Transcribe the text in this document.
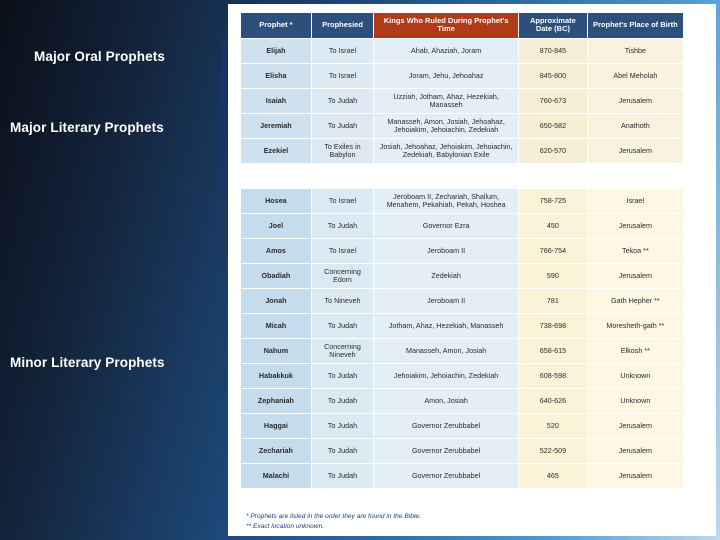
Major Oral Prophets
Major Literary Prophets
Minor Literary Prophets
Prophet *	Prophesied	Kings Who Ruled During Prophet's Time	Approximate Date (BC)	Prophet's Place of Birth
Elijah	To Israel	Ahab, Ahaziah, Joram	870-845	Tishbe
Elisha	To Israel	Joram, Jehu, Jehoahaz	845-800	Abel Meholah
Isaiah	To Judah	Uzziah, Jotham, Ahaz, Hezekiah, Manasseh	760-673	Jerusalem
Jeremiah	To Judah	Manasseh, Amon, Josiah, Jehoahaz, Jehoiakim, Jehoiachin, Zedekiah	650-582	Anathoth
Ezekiel	To Exiles in Babylon	Josiah, Jehoahaz, Jehoiakim, Jehoiachin, Zedekiah, Babylonian Exile	620-570	Jerusalem

Hosea	To Israel	Jeroboam II, Zechariah, Shallum, Menahem, Pekahiah, Pekah, Hoshea	758-725	Israel
Joel	To Judah	Governor Ezra	450	Jerusalem
Amos	To Israel	Jeroboam II	766-754	Tekoa **
Obadiah	Concerning Edom	Zedekiah	590	Jerusalem
Jonah	To Nineveh	Jeroboam II	781	Gath Hepher **
Micah	To Judah	Jotham, Ahaz, Hezekiah, Manasseh	738-698	Moresheth-gath **
Nahum	Concerning Nineveh	Manasseh, Amon, Josiah	658-615	Elkosh **
Habakkuk	To Judah	Jehoiakim, Jehoiachin, Zedekiah	608-598	Unknown
Zephaniah	To Judah	Amon, Josiah	640-626	Unknown
Haggai	To Judah	Governor Zerubbabel	520	Jerusalem
Zechariah	To Judah	Governor Zerubbabel	522-509	Jerusalem
Malachi	To Judah	Governor Zerubbabel	465	Jerusalem
* Prophets are listed in the order they are found in the Bible.
** Exact location unknown.
